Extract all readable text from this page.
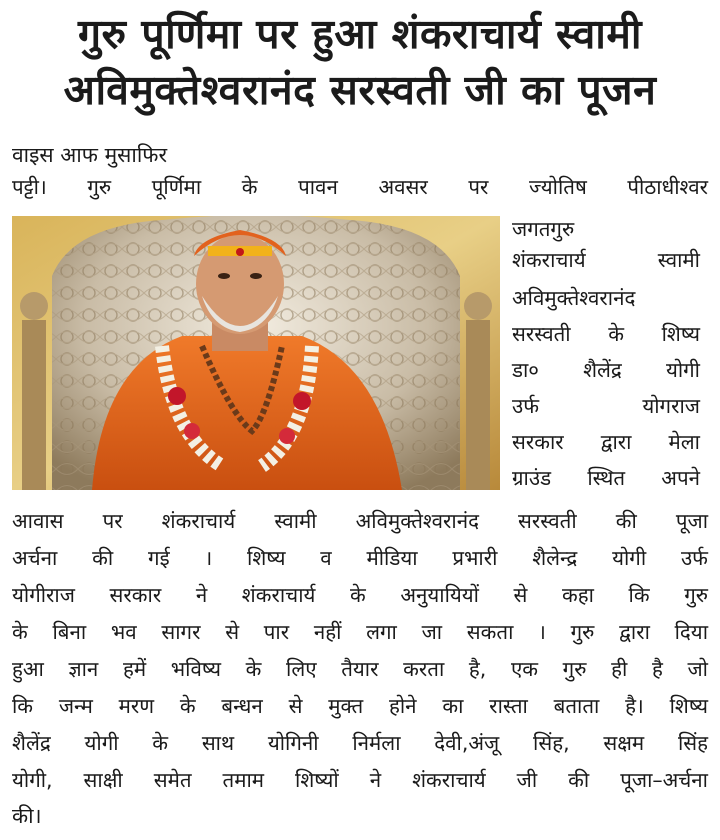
गुरु पूर्णिमा पर हुआ शंकराचार्य स्वामी
अविमुक्तेश्वरानंद सरस्वती जी का पूजन
वाइस आफ मुसाफिर
पट्टी। गुरु पूर्णिमा के पावन अवसर पर ज्योतिष पीठाधीश्वर
जगतगुरु
शंकराचार्य स्वामी
अविमुक्तेश्वरानंद
सरस्वती के शिष्य
डा० शैलेंद्र योगी
उर्फ योगराज
सरकार द्वारा मेला
ग्राउंड स्थित अपने
आवास पर शंकराचार्य स्वामी अविमुक्तेश्वरानंद सरस्वती की पूजा
अर्चना की गई । शिष्य व मीडिया प्रभारी शैलेन्द्र योगी उर्फ
योगीराज सरकार ने शंकराचार्य के अनुयायियों से कहा कि गुरु
के बिना भव सागर से पार नहीं लगा जा सकता । गुरु द्वारा दिया
हुआ ज्ञान हमें भविष्य के लिए तैयार करता है, एक गुरु ही है जो
कि जन्म मरण के बन्धन से मुक्त होने का रास्ता बताता है। शिष्य
शैलेंद्र योगी के साथ योगिनी निर्मला देवी,अंजू सिंह, सक्षम सिंह
योगी, साक्षी समेत तमाम शिष्यों ने शंकराचार्य जी की पूजा–अर्चना
की।
